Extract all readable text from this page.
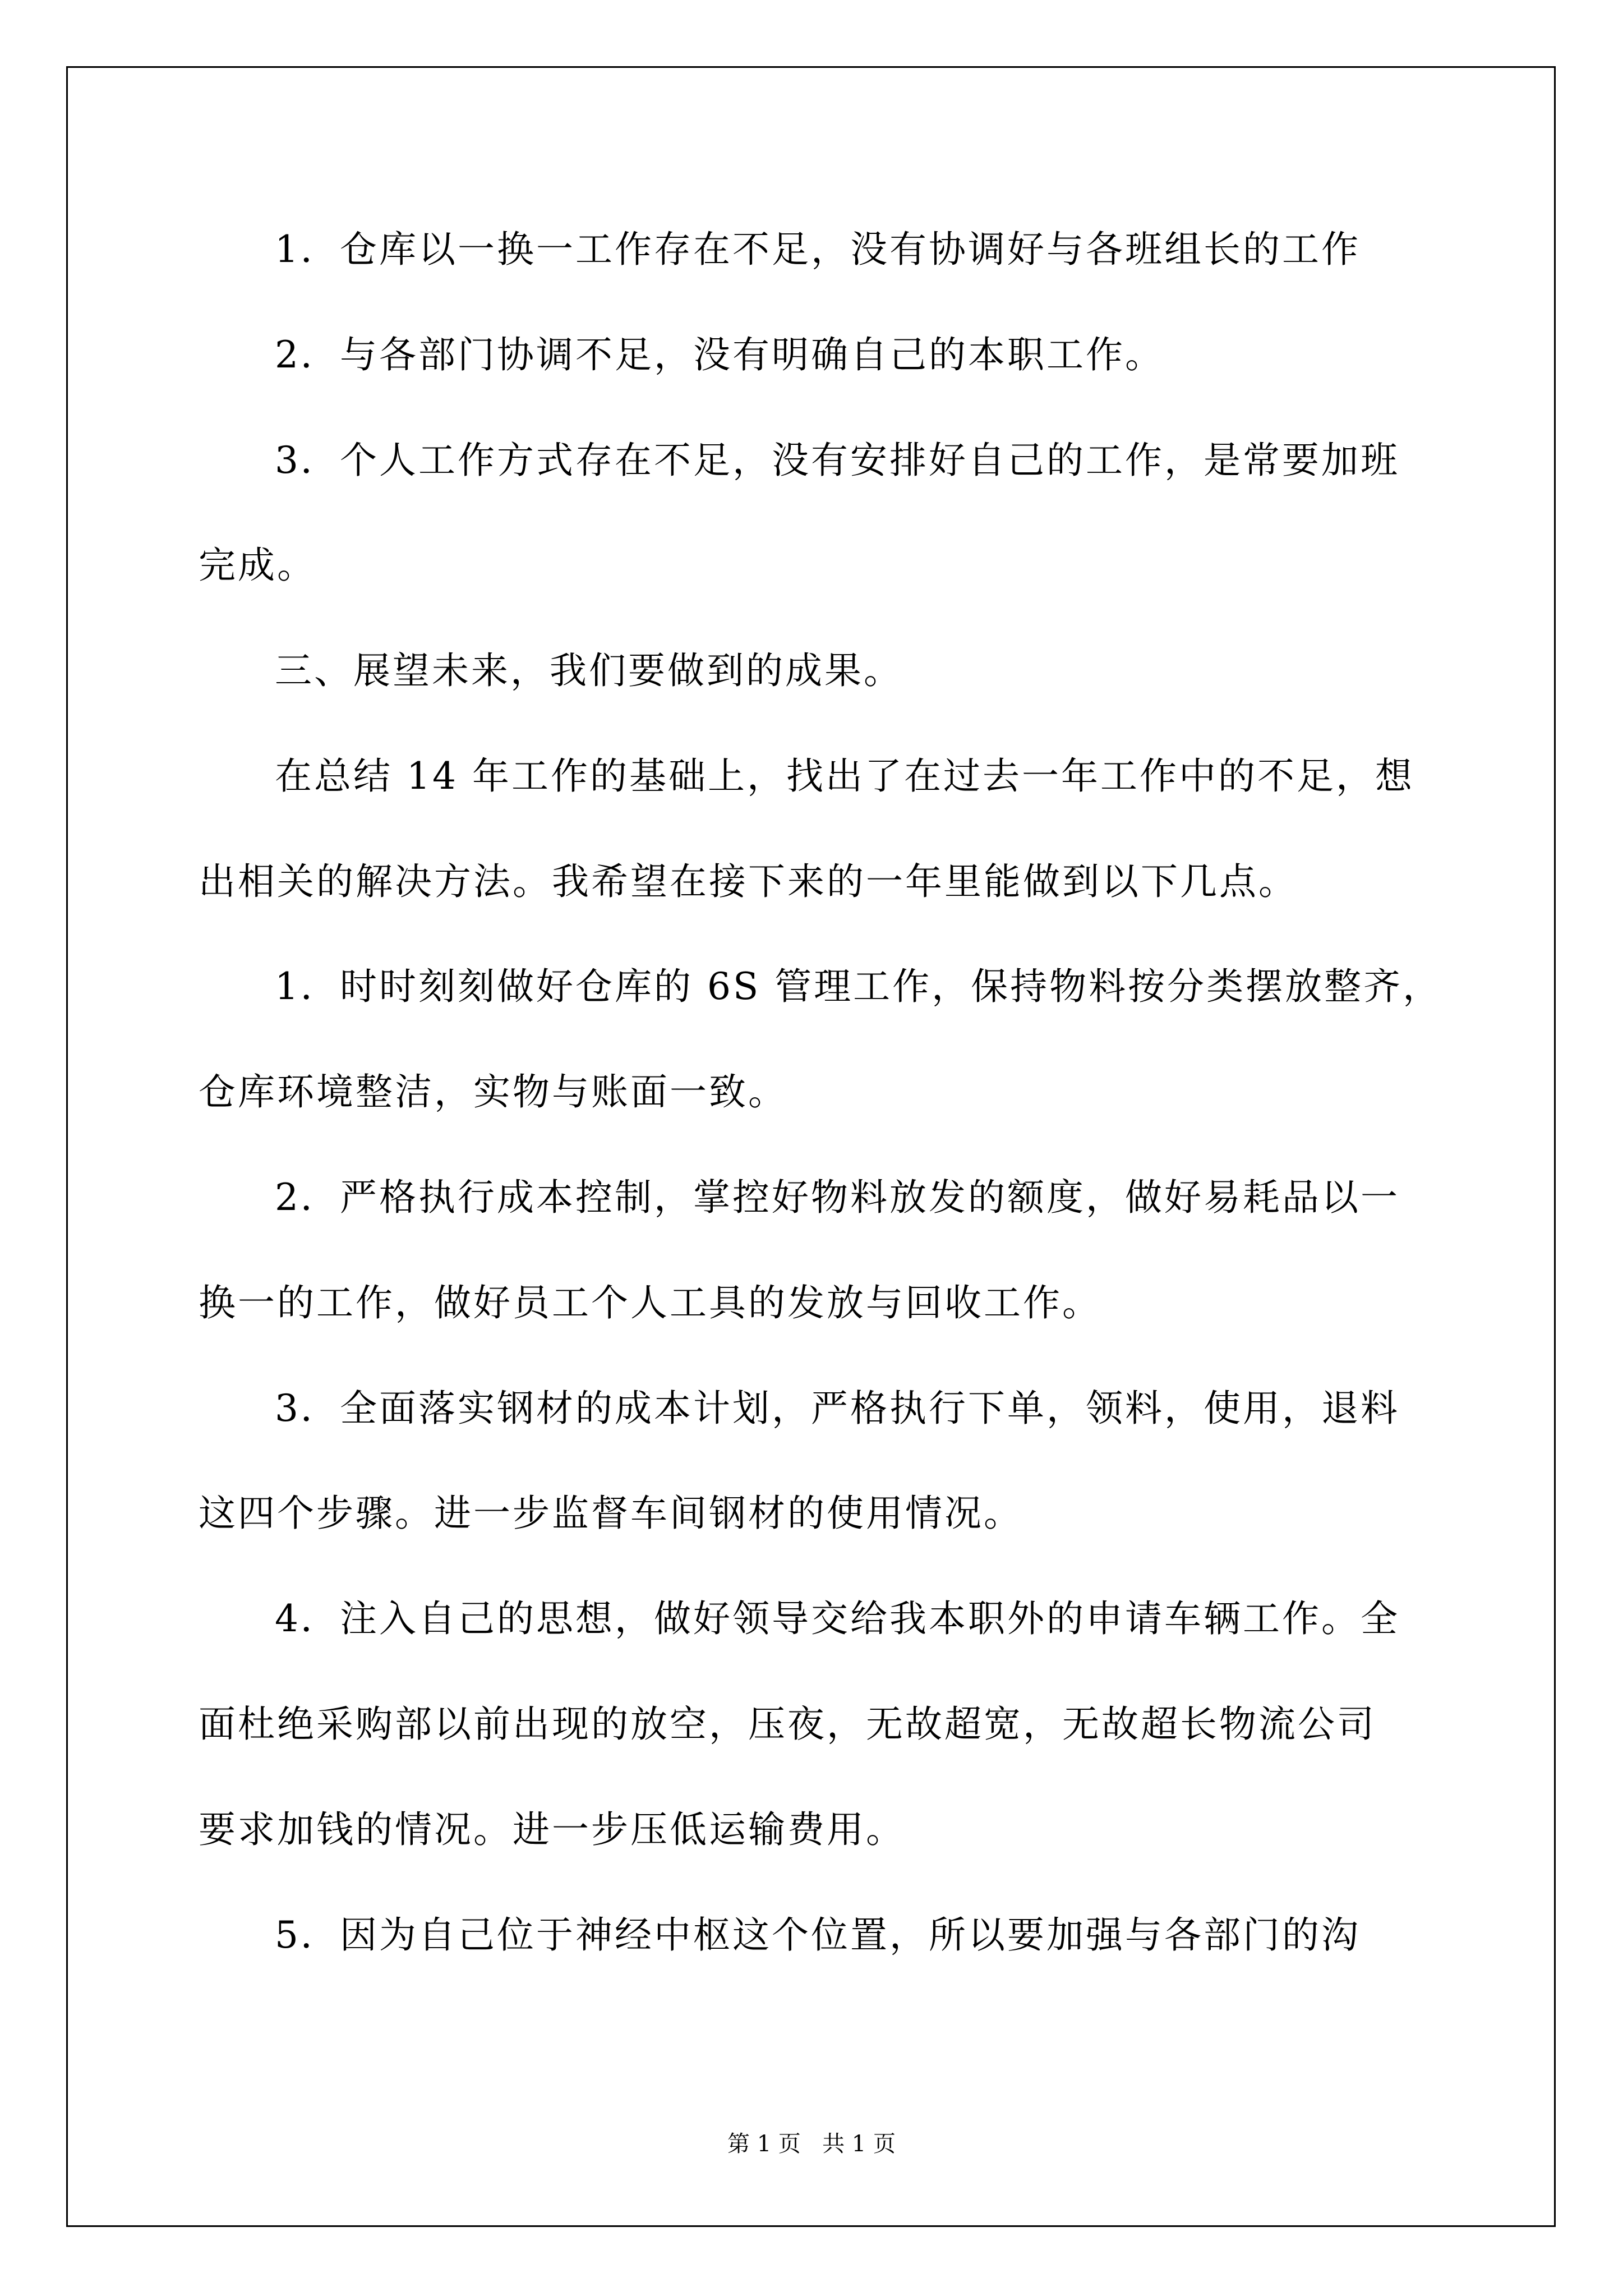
1．仓库以一换一工作存在不足，没有协调好与各班组长的工作
2．与各部门协调不足，没有明确自己的本职工作。
3．个人工作方式存在不足，没有安排好自己的工作，是常要加班
完成。
三、展望未来，我们要做到的成果。
在总结 14 年工作的基础上，找出了在过去一年工作中的不足，想
出相关的解决方法。我希望在接下来的一年里能做到以下几点。
1．时时刻刻做好仓库的 6S 管理工作，保持物料按分类摆放整齐，
仓库环境整洁，实物与账面一致。
2．严格执行成本控制，掌控好物料放发的额度，做好易耗品以一
换一的工作，做好员工个人工具的发放与回收工作。
3．全面落实钢材的成本计划，严格执行下单，领料，使用，退料
这四个步骤。进一步监督车间钢材的使用情况。
4．注入自己的思想，做好领导交给我本职外的申请车辆工作。全
面杜绝采购部以前出现的放空，压夜，无故超宽，无故超长物流公司
要求加钱的情况。进一步压低运输费用。
5．因为自己位于神经中枢这个位置，所以要加强与各部门的沟
第 1 页   共 1 页
